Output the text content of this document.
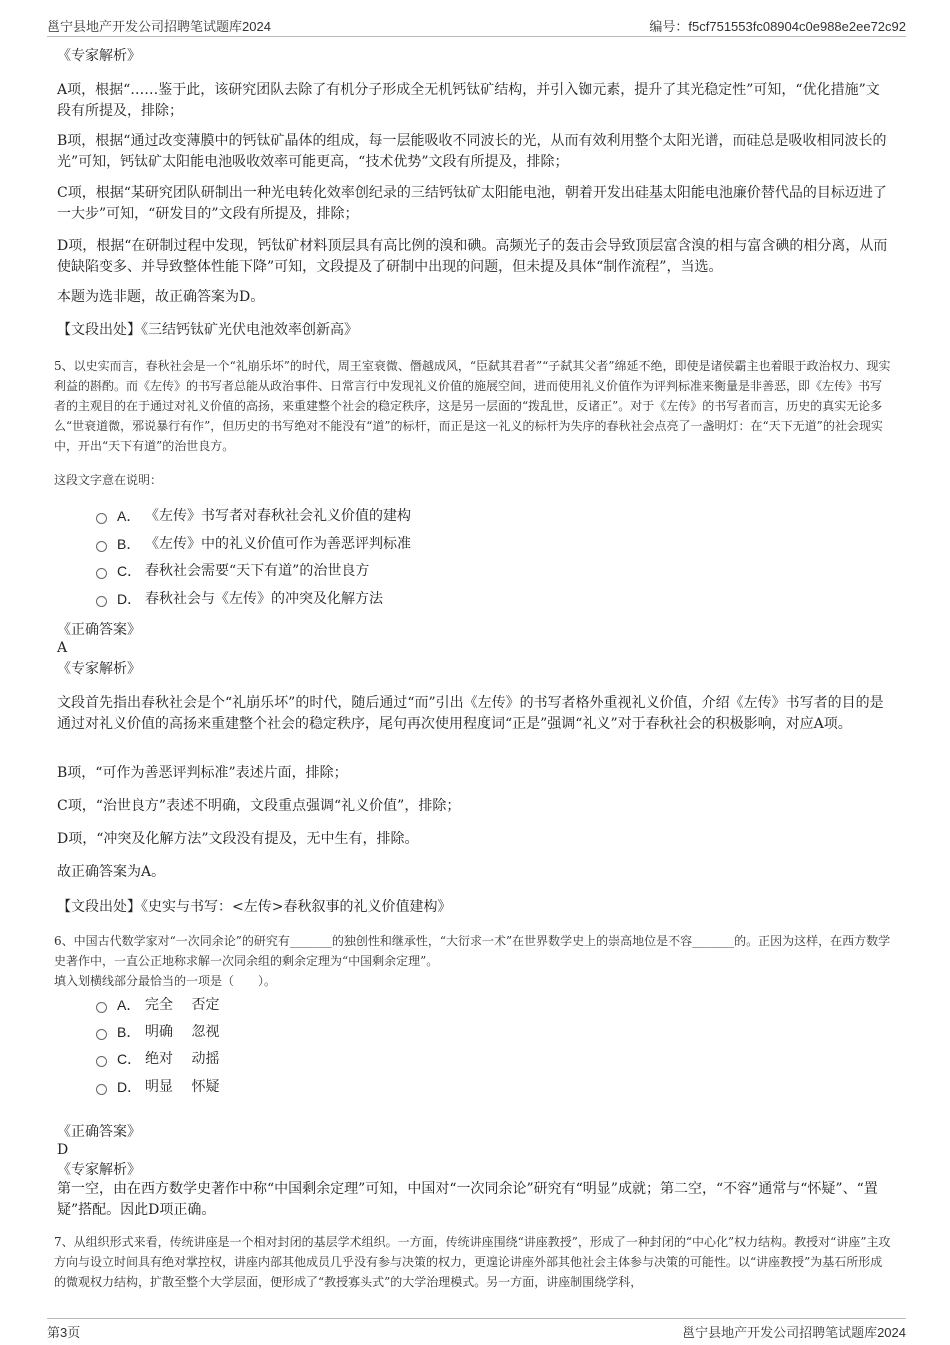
邕宁县地产开发公司招聘笔试题库2024	编号：f5cf751553fc08904c0e988e2ee72c92
《专家解析》
A项，根据“……鉴于此，该研究团队去除了有机分子形成全无机钙钛矿结构，并引入铷元素，提升了其光稳定性”可知，“优化措施”文段有所提及，排除；
B项，根据“通过改变薄膜中的钙钛矿晶体的组成，每一层能吸收不同波长的光，从而有效利用整个太阳光谱，而硅总是吸收相同波长的光”可知，钙钛矿太阳能电池吸收效率可能更高，“技术优势”文段有所提及，排除；
C项，根据“某研究团队研制出一种光电转化效率创纪录的三结钙钛矿太阳能电池，朝着开发出硅基太阳能电池廉价替代品的目标迈进了一大步”可知，“研发目的”文段有所提及，排除；
D项，根据“在研制过程中发现，钙钛矿材料顶层具有高比例的溴和碘。高频光子的轰击会导致顶层富含溴的相与富含碘的相分离，从而使缺陷变多、并导致整体性能下降”可知，文段提及了研制中出现的问题，但未提及具体“制作流程”，当选。
本题为选非题，故正确答案为D。
【文段出处】《三结钙钛矿光伏电池效率创新高》
5、以史实而言，春秋社会是一个“礼崩乐坏”的时代，周王室衰微、僭越成风，“臣弑其君者”“子弑其父者”绵延不绝，即使是诸侯霸主也着眼于政治权力、现实利益的斟酌。而《左传》的书写者总能从政治事件、日常言行中发现礼义价值的施展空间，进而使用礼义价值作为评判标准来衡量是非善恶，即《左传》书写者的主观目的在于通过对礼义价值的高扬，来重建整个社会的稳定秩序，这是另一层面的“拨乱世，反诸正”。对于《左传》的书写者而言，历史的真实无论多么“世衰道微，邪说暴行有作”，但历史的书写绝对不能没有“道”的标杆，而正是这一礼义的标杆为失序的春秋社会点亮了一盏明灯：在“天下无道”的社会现实中，开出“天下有道”的治世良方。
这段文字意在说明：
A． 《左传》书写者对春秋社会礼义价值的建构
B． 《左传》中的礼义价值可作为善恶评判标准
C． 春秋社会需要“天下有道”的治世良方
D． 春秋社会与《左传》的冲突及化解方法
《正确答案》
A
《专家解析》
文段首先指出春秋社会是个“礼崩乐坏”的时代，随后通过“而”引出《左传》的书写者格外重视礼义价值，介绍《左传》书写者的目的是通过对礼义价值的高扬来重建整个社会的稳定秩序，尾句再次使用程度词“正是”强调“礼义”对于春秋社会的积极影响，对应A项。
B项，“可作为善恶评判标准”表述片面，排除；
C项，“治世良方”表述不明确，文段重点强调“礼义价值”，排除；
D项，“冲突及化解方法”文段没有提及，无中生有，排除。
故正确答案为A。
【文段出处】《史实与书写：<左传>春秋叙事的礼义价值建构》
6、中国古代数学家对“一次同余论”的研究有_______的独创性和继承性，“大衍求一术”在世界数学史上的崇高地位是不容_______的。正因为这样，在西方数学史著作中，一直公正地称求解一次同余组的剩余定理为“中国剩余定理”。
填入划横线部分最恰当的一项是（　　）。
A． 完全　 否定
B． 明确　 忽视
C． 绝对　 动摇
D． 明显　 怀疑
《正确答案》
D
《专家解析》
第一空，由在西方数学史著作中称“中国剩余定理”可知，中国对“一次同余论”研究有“明显”成就；第二空，“不容”通常与“怀疑”、“置疑”搭配。因此D项正确。
7、从组织形式来看，传统讲座是一个相对封闭的基层学术组织。一方面，传统讲座围绕“讲座教授”，形成了一种封闭的“中心化”权力结构。教授对“讲座”主攻方向与设立时间具有绝对掌控权，讲座内部其他成员几乎没有参与决策的权力，更遑论讲座外部其他社会主体参与决策的可能性。以“讲座教授”为基石所形成的微观权力结构，扩散至整个大学层面，便形成了“教授寡头式”的大学治理模式。另一方面，讲座制围绕学科，
第3页	邕宁县地产开发公司招聘笔试题库2024
